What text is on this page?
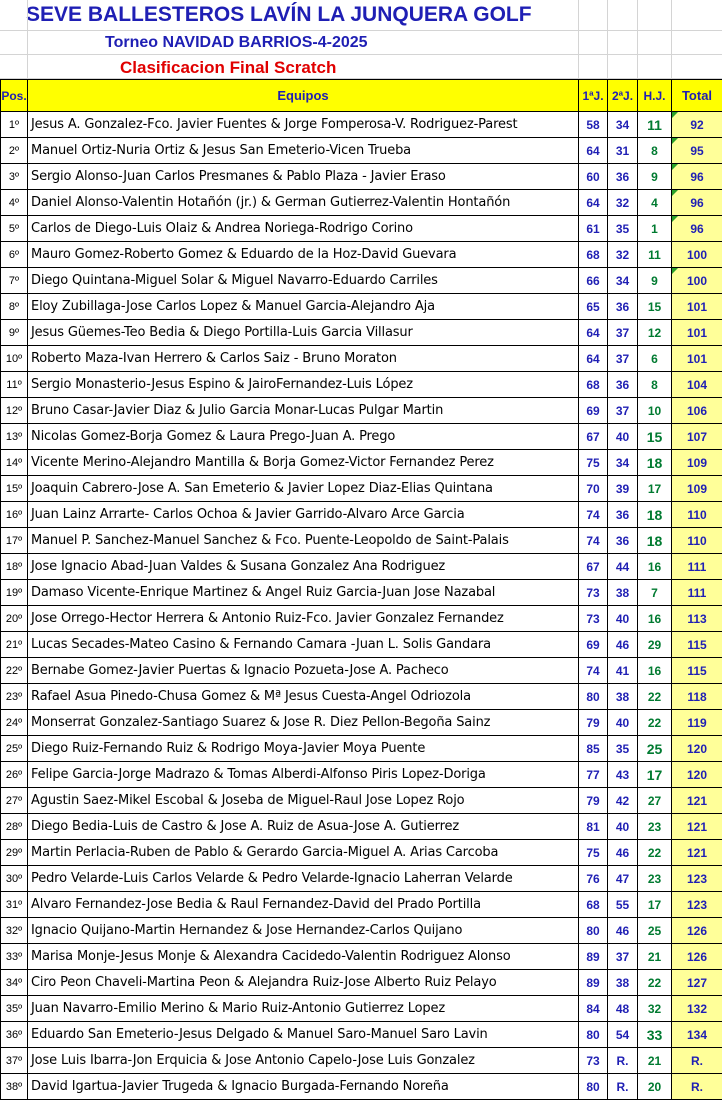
SEVE BALLESTEROS LAVÍN LA JUNQUERA GOLF
Torneo NAVIDAD BARRIOS-4-2025
Clasificacion Final Scratch
Pos.	Equipos	1ªJ.	2ªJ.	H.J.	Total
1º	Jesus A. Gonzalez-Fco. Javier Fuentes & Jorge Fomperosa-V. Rodriguez-Parest	58	34	11	92
2º	Manuel Ortiz-Nuria Ortiz & Jesus San Emeterio-Vicen Trueba	64	31	8	95
3º	Sergio Alonso-Juan Carlos Presmanes & Pablo Plaza - Javier Eraso	60	36	9	96
4º	Daniel Alonso-Valentin Hotañón (jr.) & German Gutierrez-Valentin Hontañón	64	32	4	96
5º	Carlos de Diego-Luis Olaiz & Andrea Noriega-Rodrigo Corino	61	35	1	96
6º	Mauro Gomez-Roberto Gomez & Eduardo de la Hoz-David Guevara	68	32	11	100
7º	Diego Quintana-Miguel Solar & Miguel Navarro-Eduardo Carriles	66	34	9	100
8º	Eloy Zubillaga-Jose Carlos Lopez & Manuel Garcia-Alejandro Aja	65	36	15	101
9º	Jesus Güemes-Teo Bedia & Diego Portilla-Luis Garcia Villasur	64	37	12	101
10º	Roberto Maza-Ivan Herrero & Carlos Saiz - Bruno Moraton	64	37	6	101
11º	Sergio Monasterio-Jesus Espino & JairoFernandez-Luis López	68	36	8	104
12º	Bruno Casar-Javier Diaz & Julio Garcia Monar-Lucas Pulgar Martin	69	37	10	106
13º	Nicolas Gomez-Borja Gomez & Laura Prego-Juan A. Prego	67	40	15	107
14º	Vicente Merino-Alejandro Mantilla & Borja Gomez-Victor Fernandez Perez	75	34	18	109
15º	Joaquin Cabrero-Jose A. San Emeterio & Javier Lopez Diaz-Elias Quintana	70	39	17	109
16º	Juan Lainz Arrarte- Carlos Ochoa & Javier Garrido-Alvaro Arce Garcia	74	36	18	110
17º	Manuel P. Sanchez-Manuel Sanchez & Fco. Puente-Leopoldo de Saint-Palais	74	36	18	110
18º	Jose Ignacio Abad-Juan Valdes & Susana Gonzalez Ana Rodriguez	67	44	16	111
19º	Damaso Vicente-Enrique Martinez & Angel Ruiz Garcia-Juan Jose Nazabal	73	38	7	111
20º	Jose Orrego-Hector Herrera & Antonio Ruiz-Fco. Javier Gonzalez Fernandez	73	40	16	113
21º	Lucas Secades-Mateo Casino & Fernando Camara -Juan L. Solis Gandara	69	46	29	115
22º	Bernabe Gomez-Javier Puertas & Ignacio Pozueta-Jose A. Pacheco	74	41	16	115
23º	Rafael Asua Pinedo-Chusa Gomez & Mª Jesus Cuesta-Angel Odriozola	80	38	22	118
24º	Monserrat Gonzalez-Santiago Suarez & Jose R. Diez Pellon-Begoña Sainz	79	40	22	119
25º	Diego Ruiz-Fernando Ruiz & Rodrigo Moya-Javier Moya Puente	85	35	25	120
26º	Felipe Garcia-Jorge Madrazo & Tomas Alberdi-Alfonso Piris Lopez-Doriga	77	43	17	120
27º	Agustin Saez-Mikel Escobal & Joseba de Miguel-Raul Jose Lopez Rojo	79	42	27	121
28º	Diego Bedia-Luis de Castro & Jose A. Ruiz de Asua-Jose A. Gutierrez	81	40	23	121
29º	Martin Perlacia-Ruben de Pablo & Gerardo Garcia-Miguel A. Arias Carcoba	75	46	22	121
30º	Pedro Velarde-Luis Carlos Velarde & Pedro Velarde-Ignacio Laherran Velarde	76	47	23	123
31º	Alvaro Fernandez-Jose Bedia & Raul Fernandez-David del Prado Portilla	68	55	17	123
32º	Ignacio Quijano-Martin Hernandez & Jose Hernandez-Carlos Quijano	80	46	25	126
33º	Marisa Monje-Jesus Monje & Alexandra Cacidedo-Valentin Rodriguez Alonso	89	37	21	126
34º	Ciro Peon Chaveli-Martina Peon & Alejandra Ruiz-Jose Alberto Ruiz Pelayo	89	38	22	127
35º	Juan Navarro-Emilio Merino & Mario Ruiz-Antonio Gutierrez Lopez	84	48	32	132
36º	Eduardo San Emeterio-Jesus Delgado & Manuel Saro-Manuel Saro Lavin	80	54	33	134
37º	Jose Luis Ibarra-Jon Erquicia & Jose Antonio Capelo-Jose Luis Gonzalez	73	R.	21	R.
38º	David Igartua-Javier Trugeda & Ignacio Burgada-Fernando Noreña	80	R.	20	R.
